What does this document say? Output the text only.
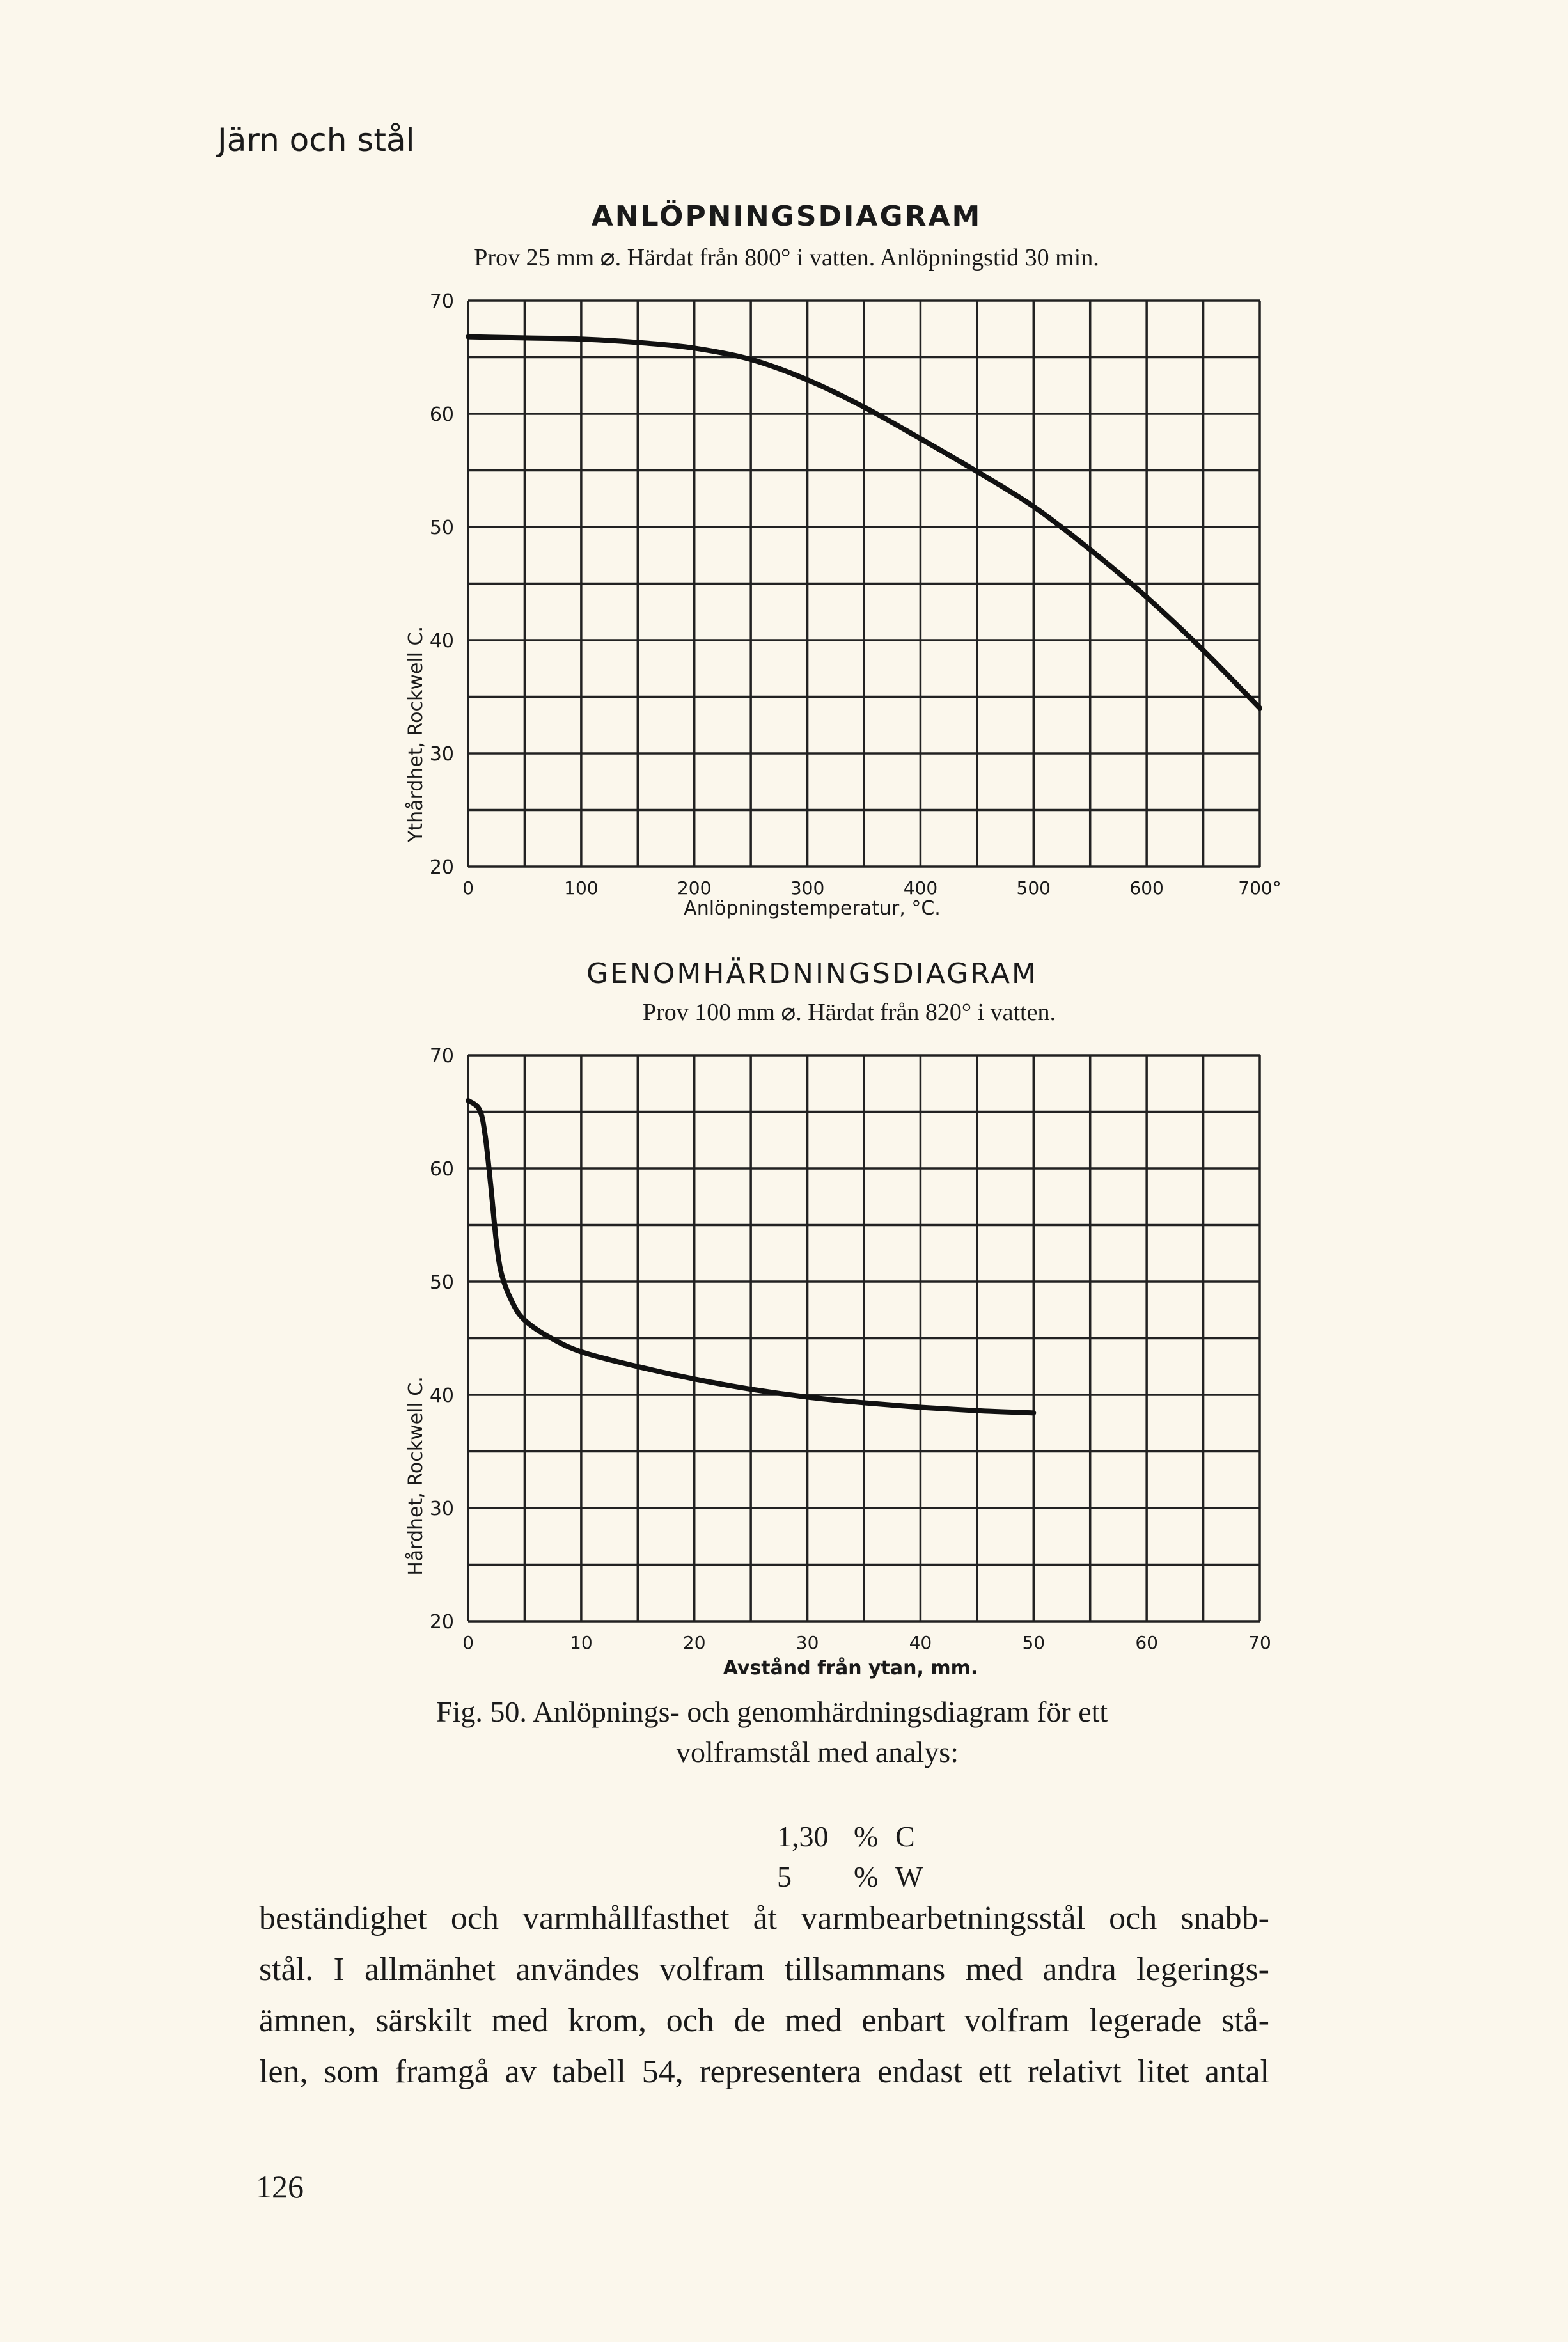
Järn och stål
ANLÖPNINGSDIAGRAM
Prov 25 mm ⌀. Härdat från 800° i vatten. Anlöpningstid 30 min.
Ythårdhet, Rockwell C.
Anlöpningstemperatur, °C.
70
60
50
40
30
20
0	100	200	300	400	500	600	700°
GENOMHÄRDNINGSDIAGRAM
Prov 100 mm ⌀. Härdat från 820° i vatten.
Hårdhet, Rockwell C.
Avstånd från ytan, mm.
70
60
50
40
30
20
0	10	20	30	40	50	60	70
Fig. 50. Anlöpnings- och genomhärdningsdiagram för ett
volframstål med analys:
1,30 % C
5	% W
beständighet och varmhållfasthet åt varmbearbetningsstål och snabb-
stål. I allmänhet användes volfram tillsammans med andra legerings-
ämnen, särskilt med krom, och de med enbart volfram legerade stå-
len, som framgå av tabell 54, representera endast ett relativt litet antal
126
